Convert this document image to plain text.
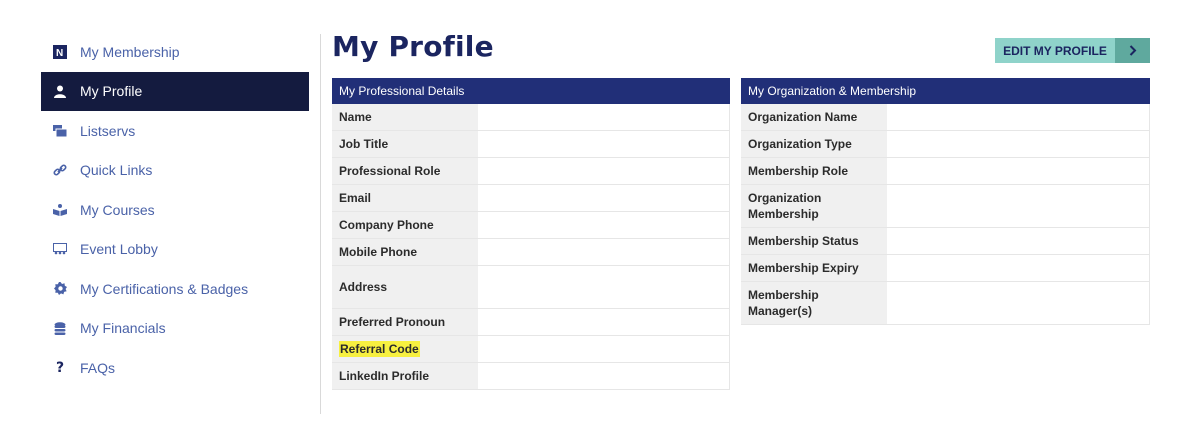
N My Membership
My Profile
Listservs
Quick Links
My Courses
Event Lobby
My Certifications & Badges
My Financials
? FAQs
My Profile	EDIT MY PROFILE
My Professional Details
Name
Job Title
Professional Role
Email
Company Phone
Mobile Phone
Address
Preferred Pronoun
Referral Code
LinkedIn Profile
My Organization & Membership
Organization Name
Organization Type
Membership Role
Organization Membership
Membership Status
Membership Expiry
Membership Manager(s)
